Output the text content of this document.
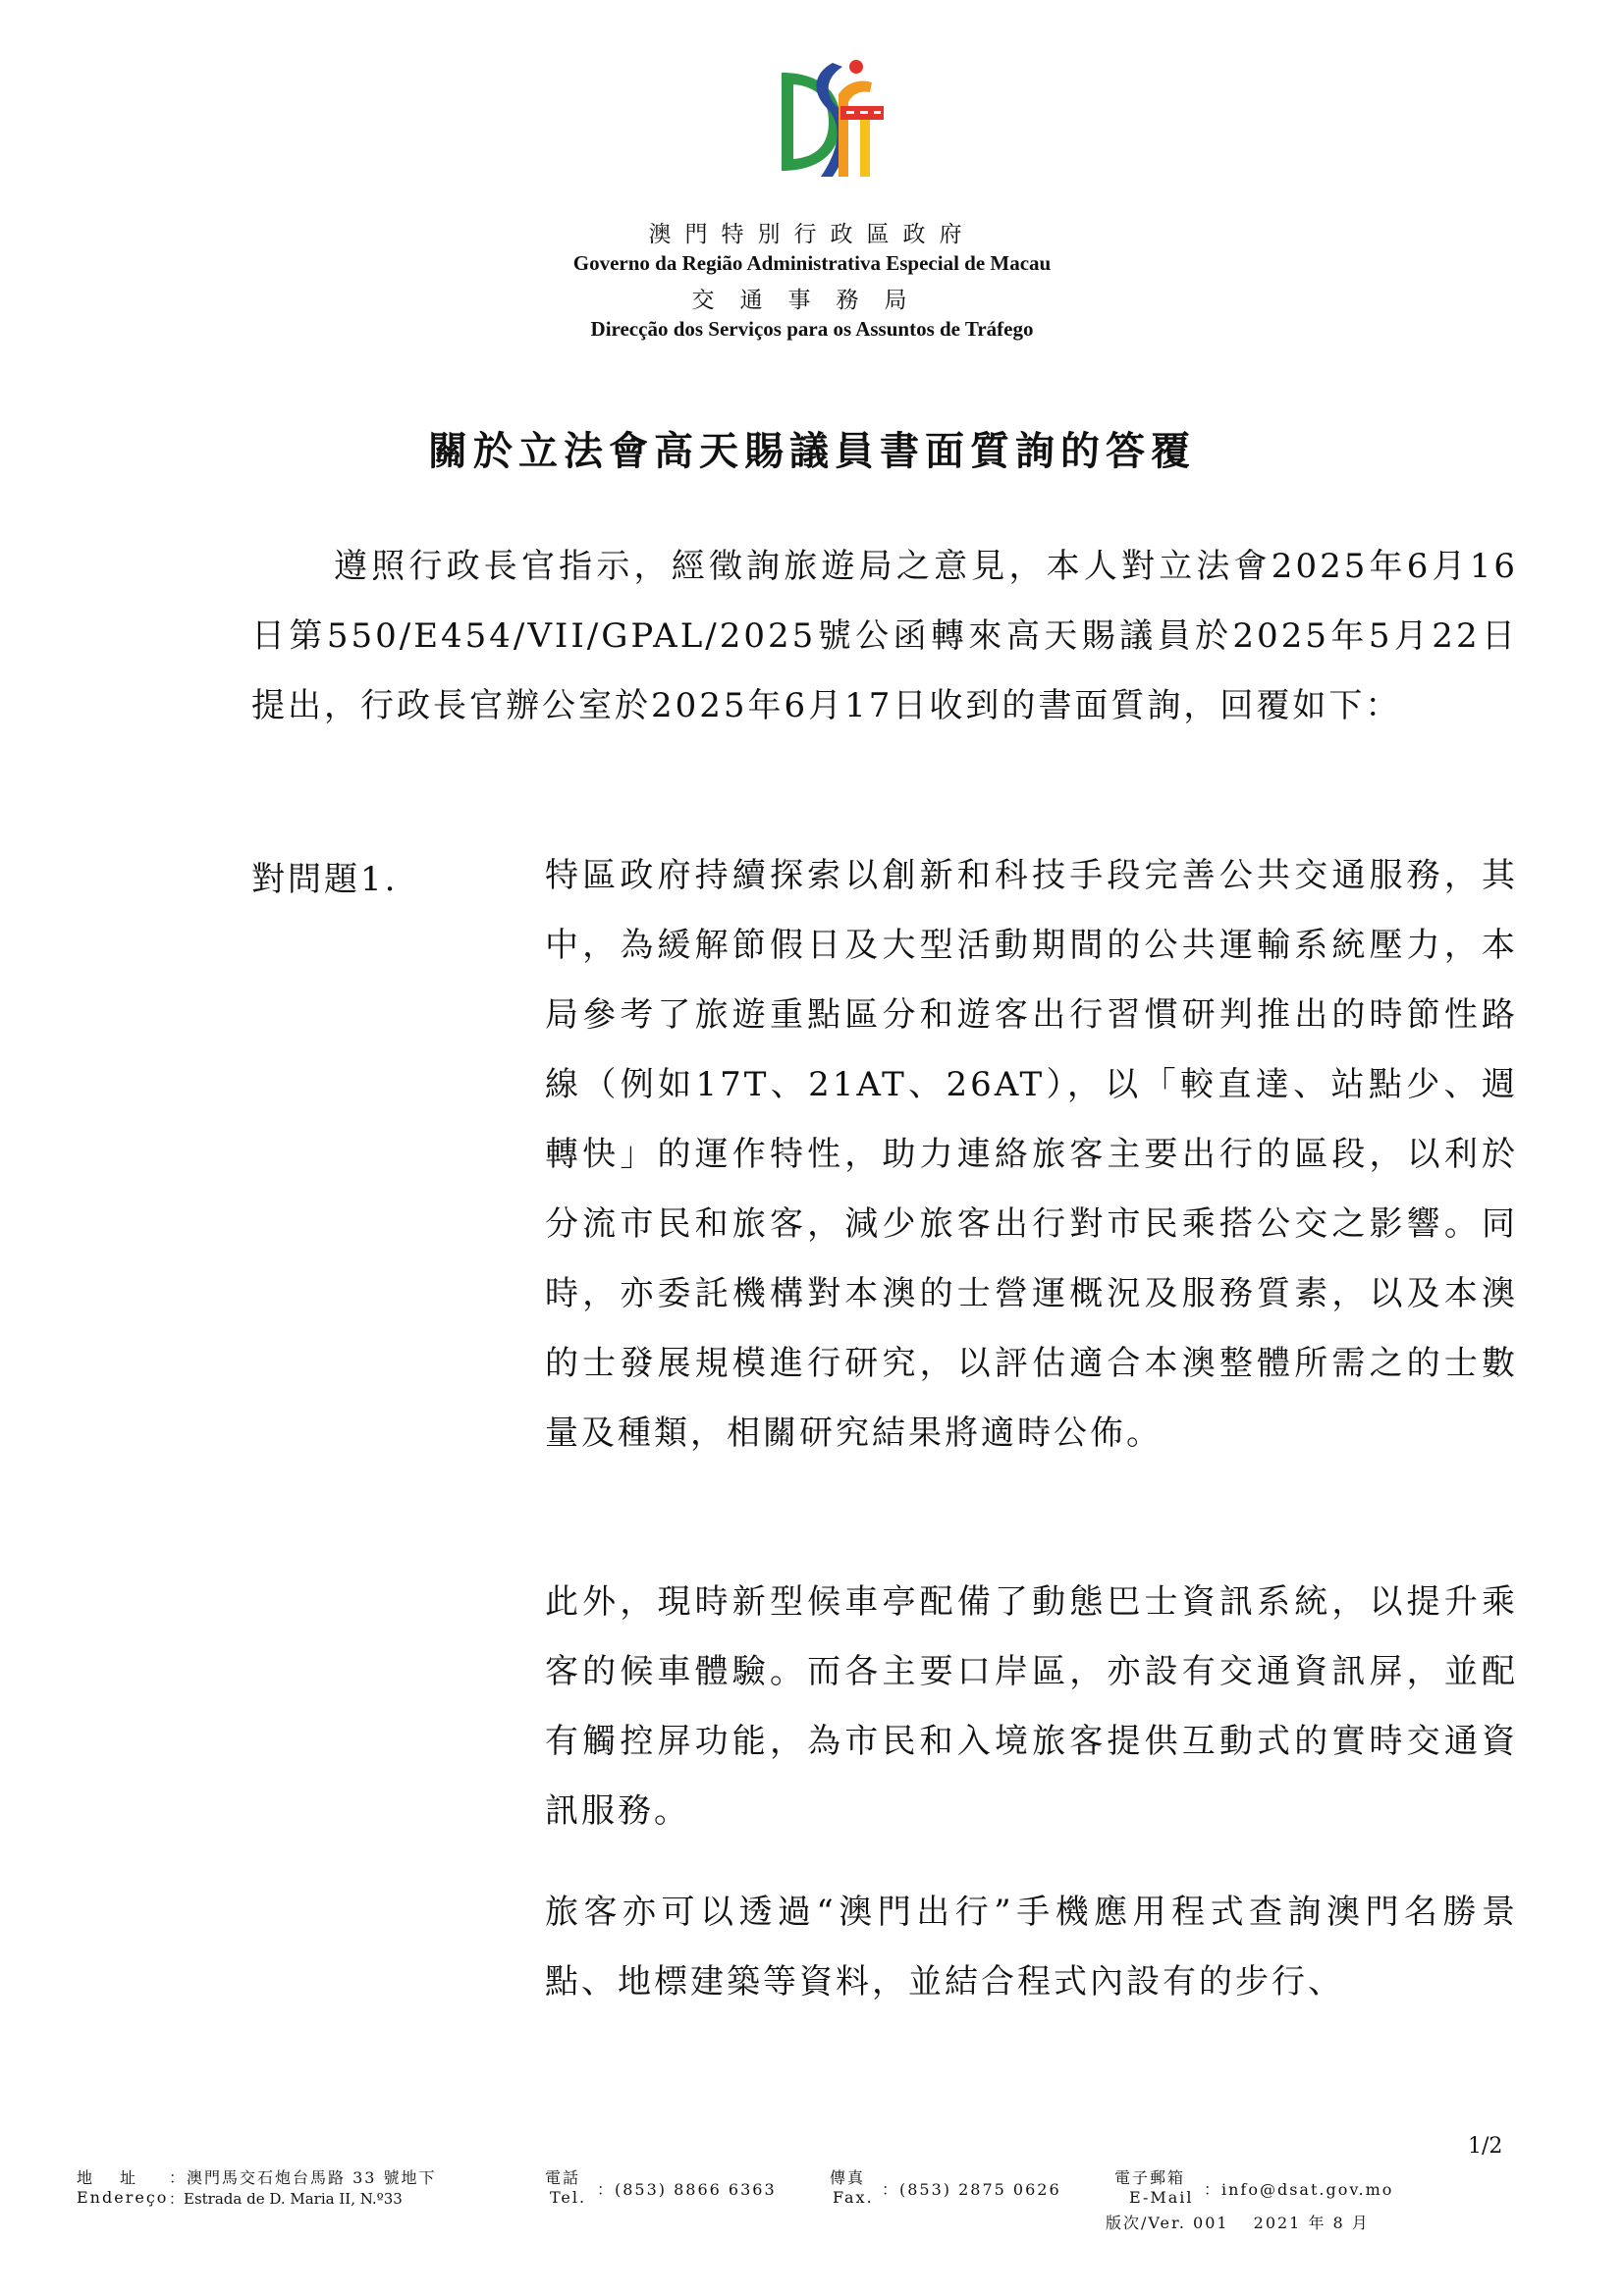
澳門特別行政區政府
Governo da Região Administrativa Especial de Macau
交通事務局
Direcção dos Serviços para os Assuntos de Tráfego
關於立法會高天賜議員書面質詢的答覆
遵照行政長官指示，經徵詢旅遊局之意見，本人對立法會2025年6月16日第550/E454/VII/GPAL/2025號公函轉來高天賜議員於2025年5月22日提出，行政長官辦公室於2025年6月17日收到的書面質詢，回覆如下：
對問題1.	特區政府持續探索以創新和科技手段完善公共交通服務，其中，為緩解節假日及大型活動期間的公共運輸系統壓力，本局參考了旅遊重點區分和遊客出行習慣研判推出的時節性路線（例如17T、21AT、26AT），以「較直達、站點少、週轉快」的運作特性，助力連絡旅客主要出行的區段，以利於分流市民和旅客，減少旅客出行對市民乘搭公交之影響。同時，亦委託機構對本澳的士營運概況及服務質素，以及本澳的士發展規模進行研究，以評估適合本澳整體所需之的士數量及種類，相關研究結果將適時公佈。
此外，現時新型候車亭配備了動態巴士資訊系統，以提升乘客的候車體驗。而各主要口岸區，亦設有交通資訊屏，並配有觸控屏功能，為市民和入境旅客提供互動式的實時交通資訊服務。
旅客亦可以透過“澳門出行”手機應用程式查詢澳門名勝景點、地標建築等資料，並結合程式內設有的步行、
1/2
地　址
Endereço
：澳門馬交石炮台馬路 33 號地下
：Estrada de D. Maria II, N.º33
電話
Tel. ：(853) 8866 6363
傳真
Fax. ：(853) 2875 0626
電子郵箱
E-Mail ：info@dsat.gov.mo
版次/Ver. 001　 2021 年 8 月
